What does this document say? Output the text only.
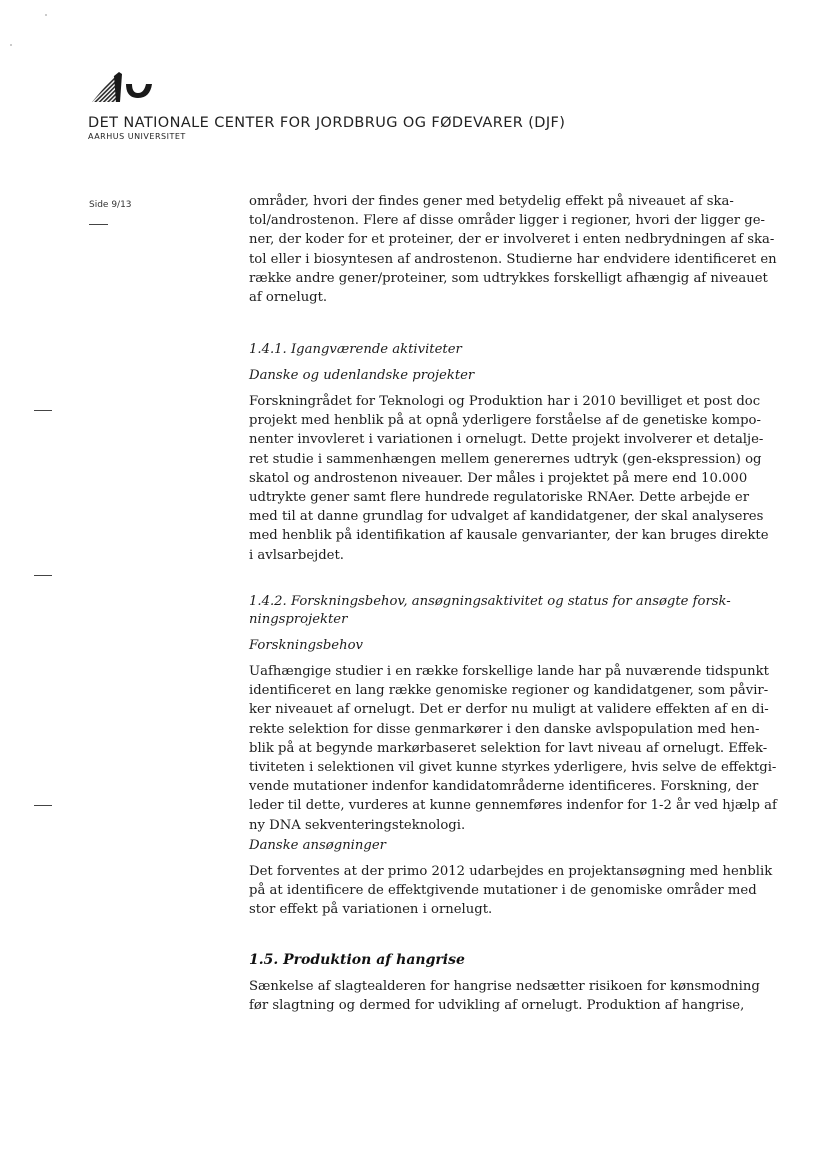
DET NATIONALE CENTER FOR JORDBRUG OG FØDEVARER (DJF)
AARHUS UNIVERSITET
Side 9/13	områder, hvori der findes gener med betydelig effekt på niveauet af ska-
tol/androstenon. Flere af disse områder ligger i regioner, hvori der ligger ge-
ner, der koder for et proteiner, der er involveret i enten nedbrydningen af ska-
tol eller i biosyntesen af androstenon. Studierne har endvidere identificeret en
række andre gener/proteiner, som udtrykkes forskelligt afhængig af niveauet
af ornelugt.
1.4.1. Igangværende aktiviteter
Danske og udenlandske projekter
Forskningrådet for Teknologi og Produktion har i 2010 bevilliget et post doc
projekt med henblik på at opnå yderligere forståelse af de genetiske kompo-
nenter invovleret i variationen i ornelugt. Dette projekt involverer et detalje-
ret studie i sammenhængen mellem generernes udtryk (gen-ekspression) og
skatol og androstenon niveauer. Der måles i projektet på mere end 10.000
udtrykte gener samt flere hundrede regulatoriske RNAer. Dette arbejde er
med til at danne grundlag for udvalget af kandidatgener, der skal analyseres
med henblik på identifikation af kausale genvarianter, der kan bruges direkte
i avlsarbejdet.
1.4.2. Forskningsbehov, ansøgningsaktivitet og status for ansøgte forsk-
ningsprojekter
Forskningsbehov
Uafhængige studier i en række forskellige lande har på nuværende tidspunkt
identificeret en lang række genomiske regioner og kandidatgener, som påvir-
ker niveauet af ornelugt. Det er derfor nu muligt at validere effekten af en di-
rekte selektion for disse genmarkører i den danske avlspopulation med hen-
blik på at begynde markørbaseret selektion for lavt niveau af ornelugt. Effek-
tiviteten i selektionen vil givet kunne styrkes yderligere, hvis selve de effektgi-
vende mutationer indenfor kandidatområderne identificeres. Forskning, der
leder til dette, vurderes at kunne gennemføres indenfor for 1-2 år ved hjælp af
ny DNA sekventeringsteknologi.
Danske ansøgninger
Det forventes at der primo 2012 udarbejdes en projektansøgning med henblik
på at identificere de effektgivende mutationer i de genomiske områder med
stor effekt på variationen i ornelugt.
1.5. Produktion af hangrise
Sænkelse af slagtealderen for hangrise nedsætter risikoen for kønsmodning
før slagtning og dermed for udvikling af ornelugt. Produktion af hangrise,
